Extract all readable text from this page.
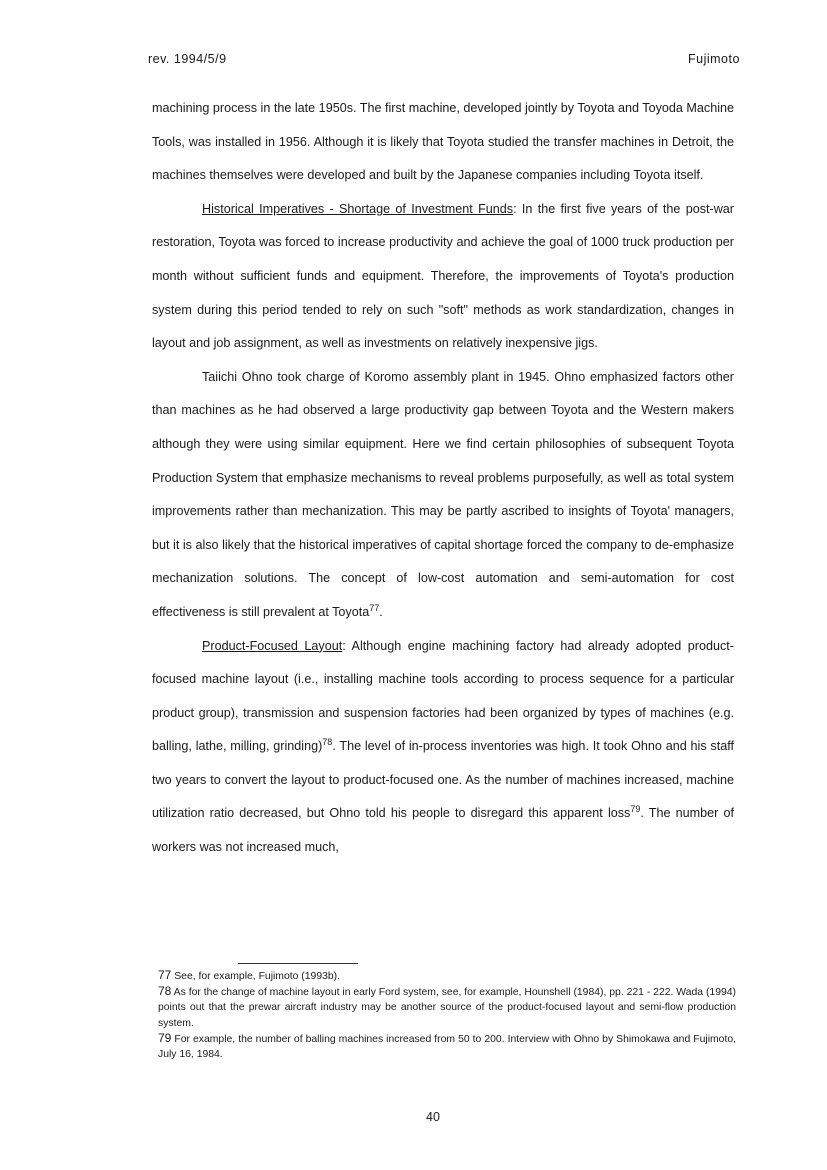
rev. 1994/5/9	Fujimoto

machining process in the late 1950s. The first machine, developed jointly by Toyota and Toyoda Machine Tools, was installed in 1956. Although it is likely that Toyota studied the transfer machines in Detroit, the machines themselves were developed and built by the Japanese companies including Toyota itself.

Historical Imperatives - Shortage of Investment Funds: In the first five years of the post-war restoration, Toyota was forced to increase productivity and achieve the goal of 1000 truck production per month without sufficient funds and equipment. Therefore, the improvements of Toyota's production system during this period tended to rely on such "soft" methods as work standardization, changes in layout and job assignment, as well as investments on relatively inexpensive jigs.

Taiichi Ohno took charge of Koromo assembly plant in 1945. Ohno emphasized factors other than machines as he had observed a large productivity gap between Toyota and the Western makers although they were using similar equipment. Here we find certain philosophies of subsequent Toyota Production System that emphasize mechanisms to reveal problems purposefully, as well as total system improvements rather than mechanization. This may be partly ascribed to insights of Toyota' managers, but it is also likely that the historical imperatives of capital shortage forced the company to de-emphasize mechanization solutions. The concept of low-cost automation and semi-automation for cost effectiveness is still prevalent at Toyota$^{77}$.

Product-Focused Layout: Although engine machining factory had already adopted product-focused machine layout (i.e., installing machine tools according to process sequence for a particular product group), transmission and suspension factories had been organized by types of machines (e.g. balling, lathe, milling, grinding)$^{78}$. The level of in-process inventories was high. It took Ohno and his staff two years to convert the layout to product-focused one. As the number of machines increased, machine utilization ratio decreased, but Ohno told his people to disregard this apparent loss$^{79}$. The number of workers was not increased much,

77 See, for example, Fujimoto (1993b).

78 As for the change of machine layout in early Ford system, see, for example, Hounshell (1984), pp. 221 - 222. Wada (1994) points out that the prewar aircraft industry may be another source of the product-focused layout and semi-flow production system.

79 For example, the number of balling machines increased from 50 to 200. Interview with Ohno by Shimokawa and Fujimoto, July 16, 1984.

40
